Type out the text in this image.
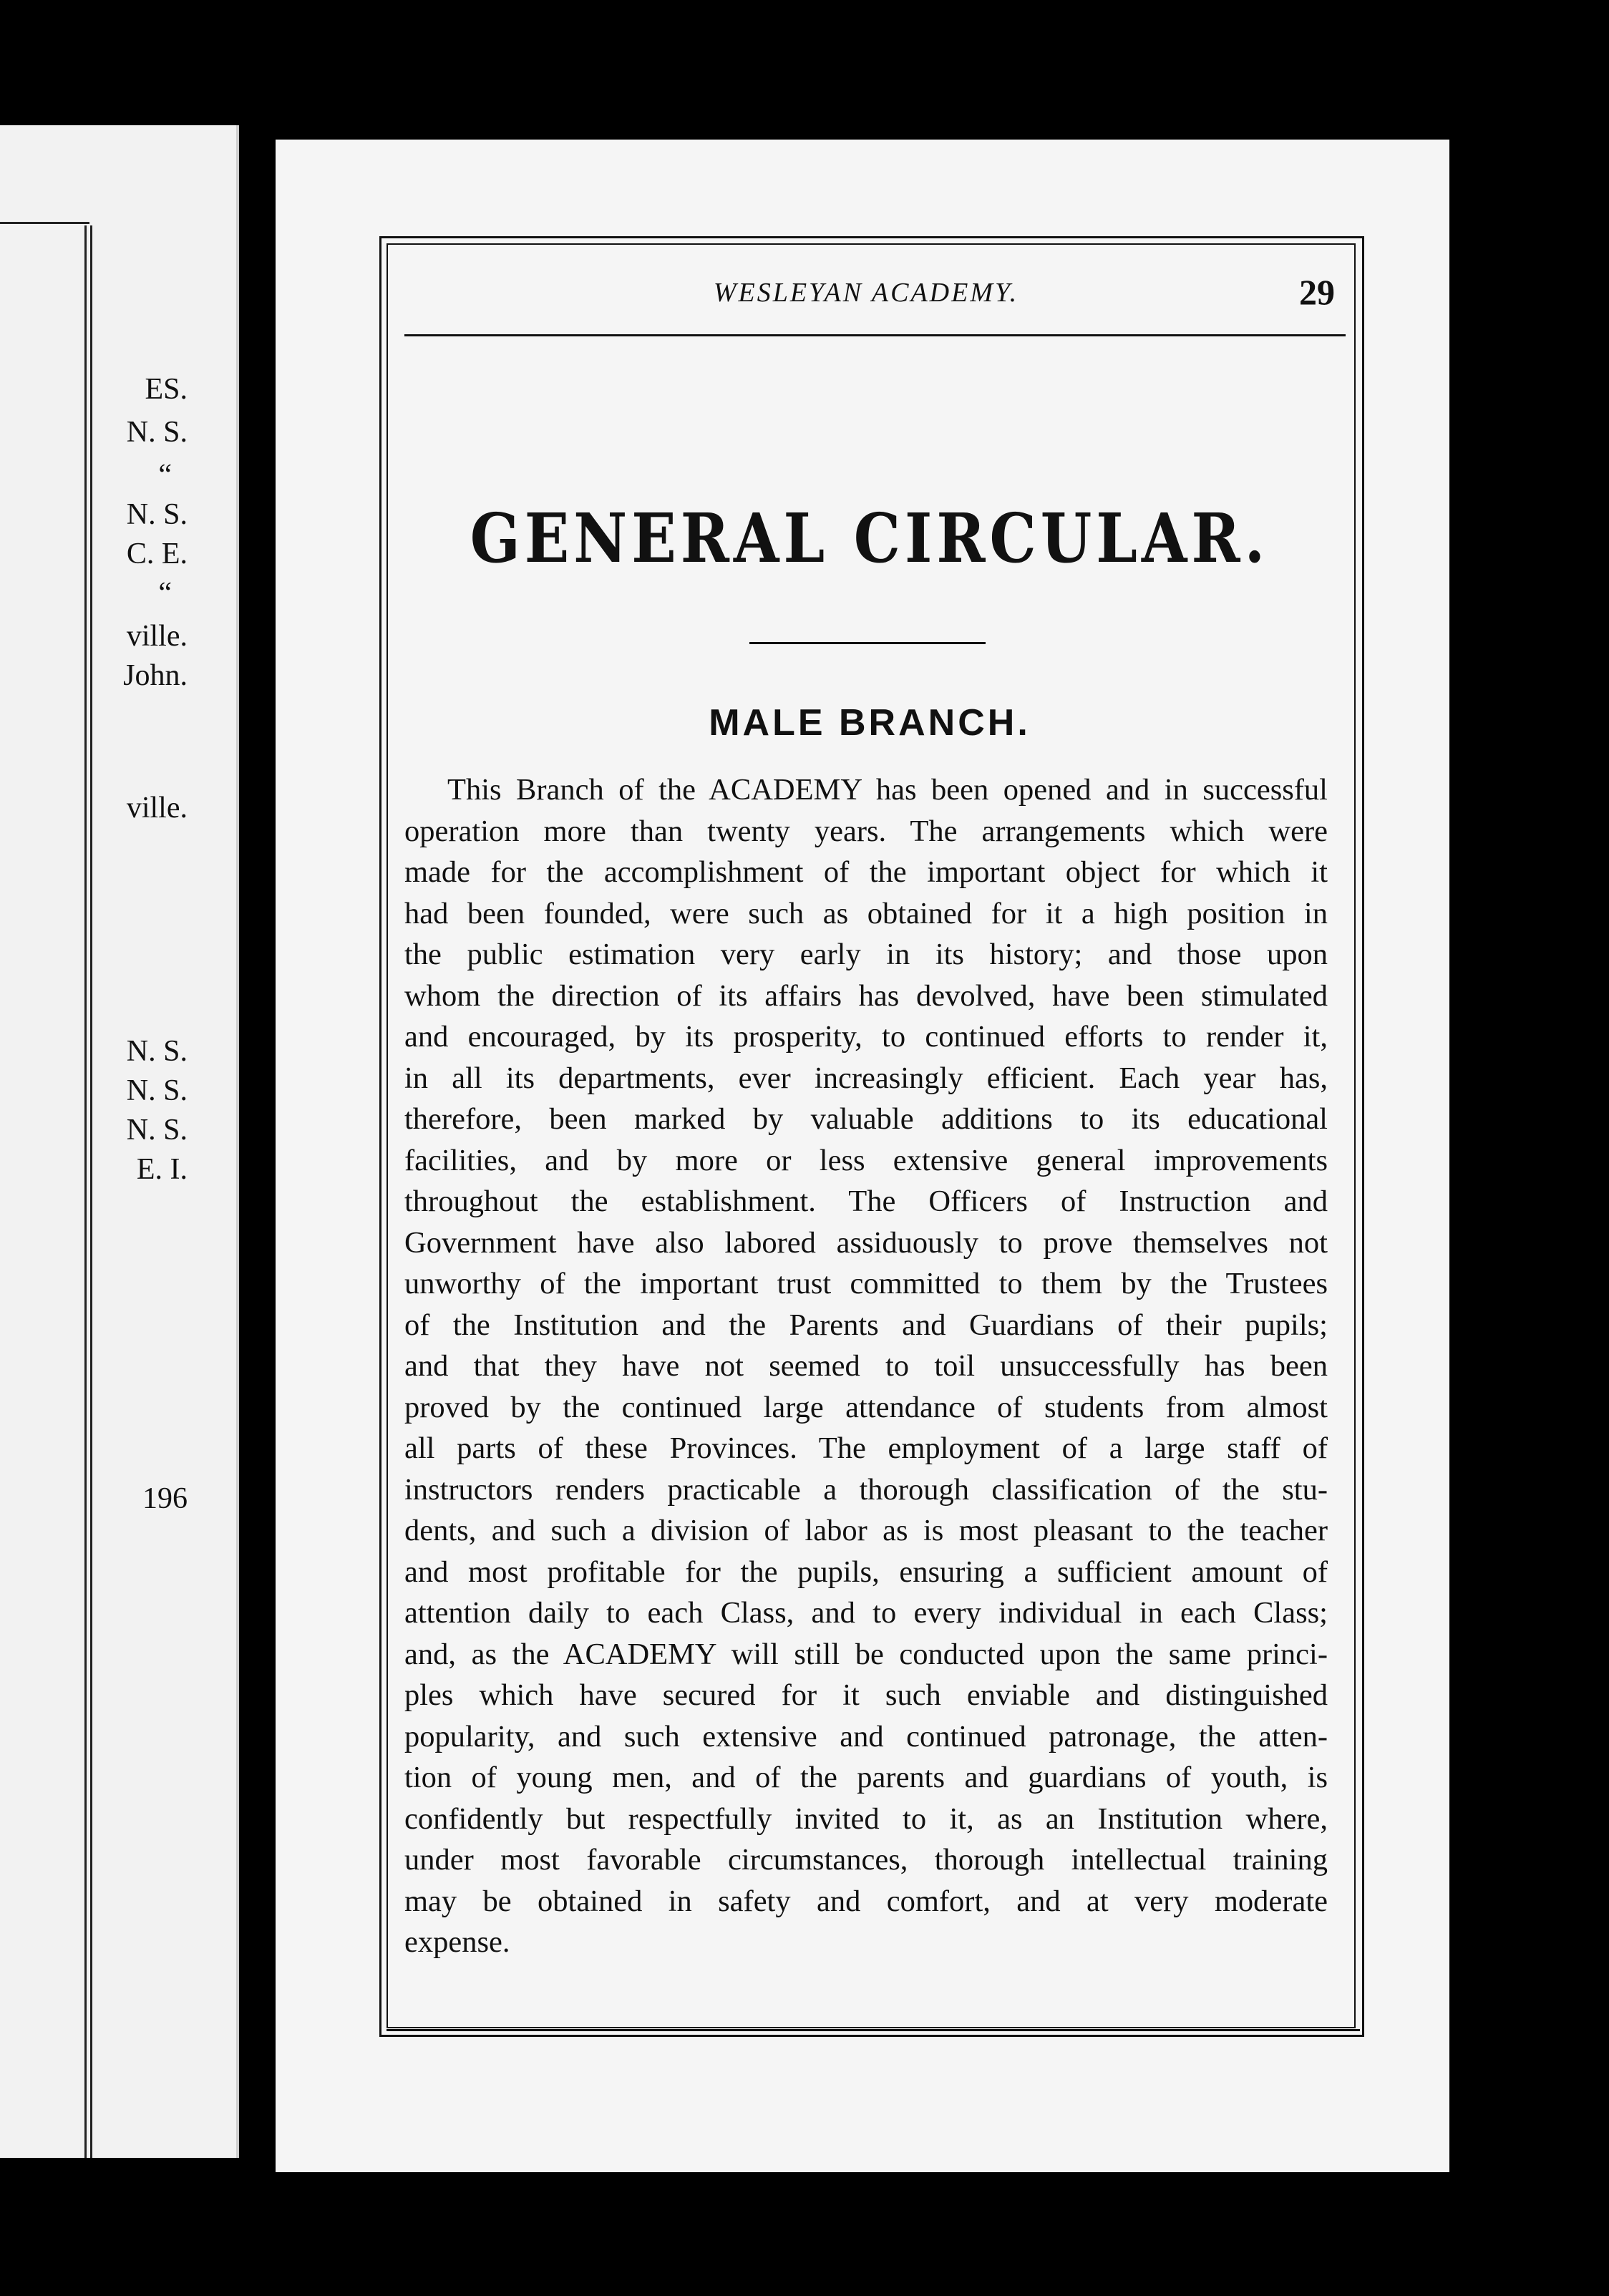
ES.
N. S.
“
N. S.
C. E.
“
ville.
John.
ville.
N. S.
N. S.
N. S.
E. I.
196
WESLEYAN ACADEMY.	29
GENERAL CIRCULAR.
MALE BRANCH.
This Branch of the ACADEMY has been opened and in successful
operation more than twenty years. The arrangements which were
made for the accomplishment of the important object for which it
had been founded, were such as obtained for it a high position in
the public estimation very early in its history; and those upon
whom the direction of its affairs has devolved, have been stimulated
and encouraged, by its prosperity, to continued efforts to render it,
in all its departments, ever increasingly efficient. Each year has,
therefore, been marked by valuable additions to its educational
facilities, and by more or less extensive general improvements
throughout the establishment. The Officers of Instruction and
Government have also labored assiduously to prove themselves not
unworthy of the important trust committed to them by the Trustees
of the Institution and the Parents and Guardians of their pupils;
and that they have not seemed to toil unsuccessfully has been
proved by the continued large attendance of students from almost
all parts of these Provinces. The employment of a large staff of
instructors renders practicable a thorough classification of the stu-
dents, and such a division of labor as is most pleasant to the teacher
and most profitable for the pupils, ensuring a sufficient amount of
attention daily to each Class, and to every individual in each Class;
and, as the ACADEMY will still be conducted upon the same princi-
ples which have secured for it such enviable and distinguished
popularity, and such extensive and continued patronage, the atten-
tion of young men, and of the parents and guardians of youth, is
confidently but respectfully invited to it, as an Institution where,
under most favorable circumstances, thorough intellectual training
may be obtained in safety and comfort, and at very moderate
expense.
